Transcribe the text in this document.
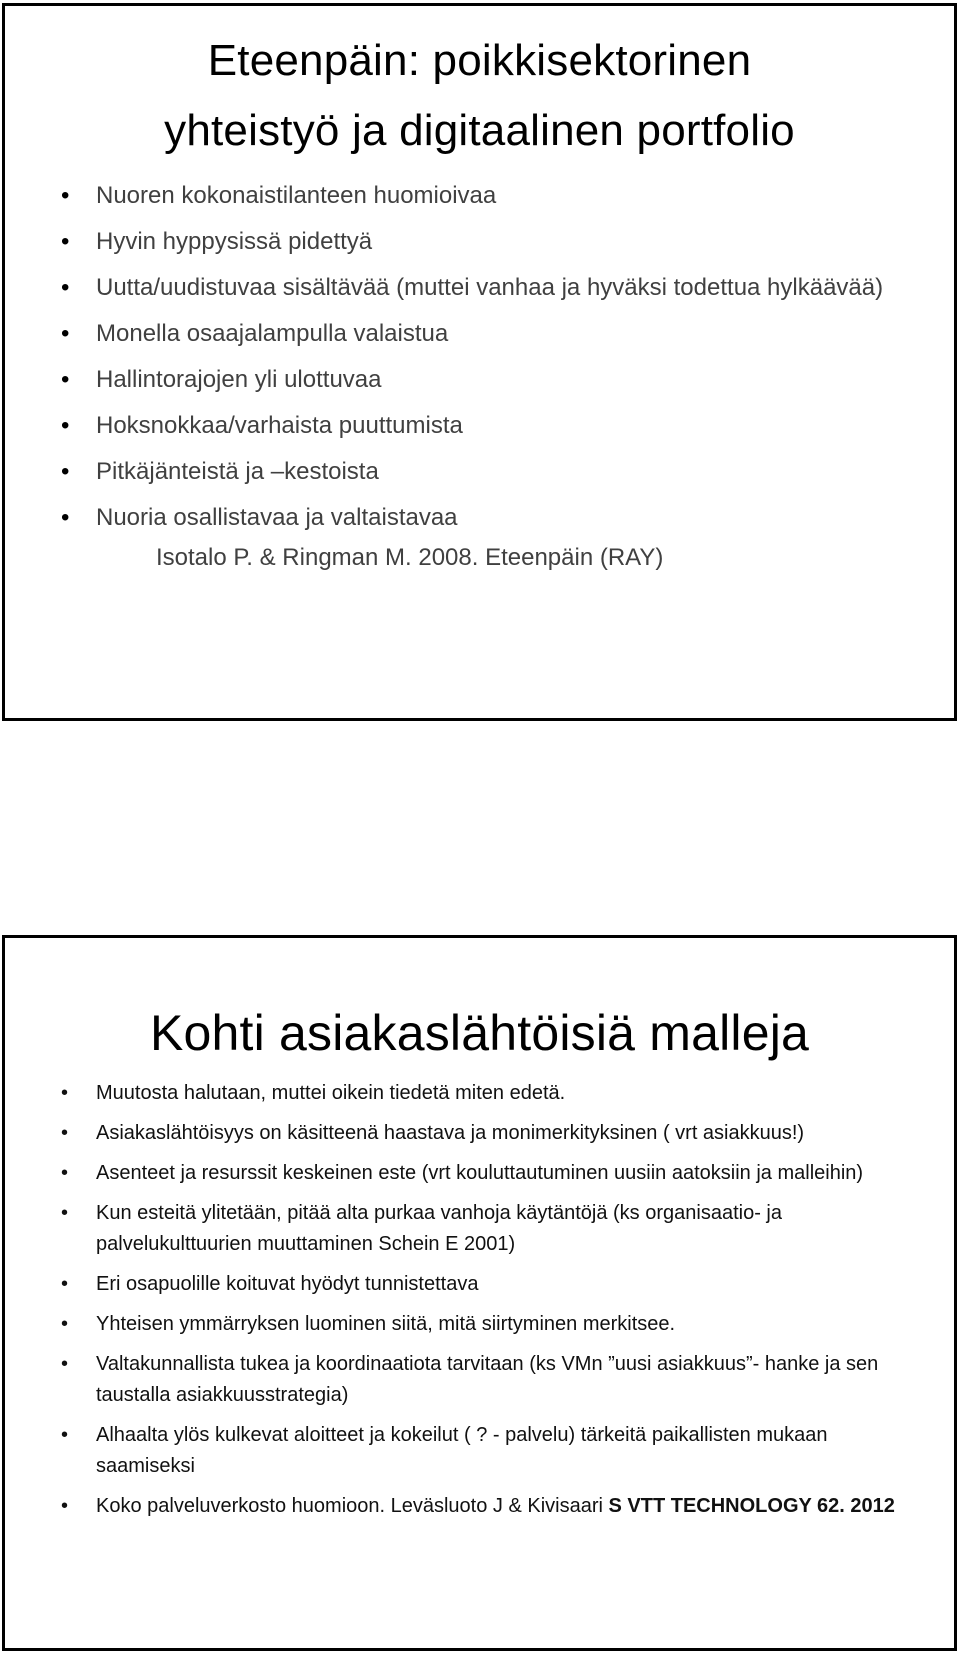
Eteenpäin: poikkisektorinen
yhteistyö ja digitaalinen portfolio
• Nuoren kokonaistilanteen huomioivaa
• Hyvin hyppysissä pidettyä
• Uutta/uudistuvaa sisältävää (muttei vanhaa ja hyväksi todettua hylkäävää)
• Monella osaajalampulla valaistua
• Hallintorajojen yli ulottuvaa
• Hoksnokkaa/varhaista puuttumista
• Pitkäjänteistä ja –kestoista
• Nuoria osallistavaa ja valtaistavaa
Isotalo P. & Ringman M. 2008. Eteenpäin (RAY)
Kohti asiakaslähtöisiä malleja
• Muutosta halutaan, muttei oikein tiedetä miten edetä.
• Asiakaslähtöisyys on käsitteenä haastava ja monimerkityksinen ( vrt asiakkuus!)
• Asenteet ja resurssit keskeinen este (vrt kouluttautuminen uusiin aatoksiin ja malleihin)
• Kun esteitä ylitetään, pitää alta purkaa vanhoja käytäntöjä (ks organisaatio- ja palvelukulttuurien muuttaminen Schein E 2001)
• Eri osapuolille koituvat hyödyt tunnistettava
• Yhteisen ymmärryksen luominen siitä, mitä siirtyminen merkitsee.
• Valtakunnallista tukea ja koordinaatiota tarvitaan (ks VMn ”uusi asiakkuus”- hanke ja sen taustalla asiakkuusstrategia)
• Alhaalta ylös kulkevat aloitteet ja kokeilut ( ? - palvelu) tärkeitä paikallisten mukaan saamiseksi
• Koko palveluverkosto huomioon. Leväsluoto J & Kivisaari S VTT TECHNOLOGY 62. 2012
